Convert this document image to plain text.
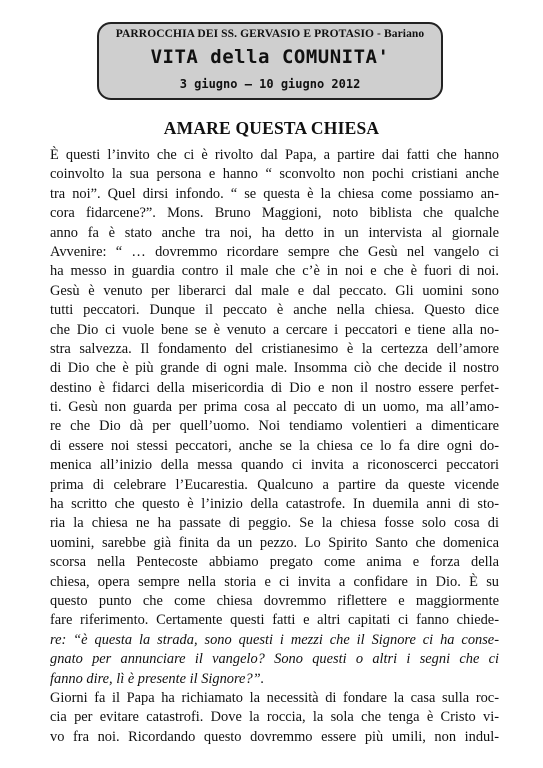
PARROCCHIA DEI SS. GERVASIO E PROTASIO - Bariano
VITA della COMUNITA'
3 giugno — 10 giugno 2012
AMARE QUESTA CHIESA
È questi l’invito che ci è rivolto dal Papa, a partire dai fatti che hanno
coinvolto la sua persona e hanno “ sconvolto non pochi cristiani anche
tra noi”. Quel dirsi infondo. “ se questa è la chiesa come possiamo an-
cora fidarcene?”. Mons. Bruno Maggioni, noto biblista che qualche
anno fa è stato anche tra noi, ha detto in un intervista al giornale
Avvenire: “ … dovremmo ricordare sempre che Gesù nel vangelo ci
ha messo in guardia contro il male che c’è in noi e che è fuori di noi.
Gesù è venuto per liberarci dal male e dal peccato. Gli uomini sono
tutti peccatori. Dunque il peccato è anche nella chiesa. Questo dice
che Dio ci vuole bene se è venuto a cercare i peccatori e tiene alla no-
stra salvezza. Il fondamento del cristianesimo è la certezza dell’amore
di Dio che è più grande di ogni male. Insomma ciò che decide il nostro
destino è fidarci della misericordia di Dio e non il nostro essere perfet-
ti. Gesù non guarda per prima cosa al peccato di un uomo, ma all’amo-
re che Dio dà per quell’uomo. Noi tendiamo volentieri a dimenticare
di essere noi stessi peccatori, anche se la chiesa ce lo fa dire ogni do-
menica all’inizio della messa quando ci invita a riconoscerci peccatori
prima di celebrare l’Eucarestia. Qualcuno a partire da queste vicende
ha scritto che questo è l’inizio della catastrofe. In duemila anni di sto-
ria la chiesa ne ha passate di peggio. Se la chiesa fosse solo cosa di
uomini, sarebbe già finita da un pezzo. Lo Spirito Santo che domenica
scorsa nella Pentecoste abbiamo pregato come anima e forza della
chiesa, opera sempre nella storia e ci invita a confidare in Dio. È su
questo punto che come chiesa dovremmo riflettere e maggiormente
fare riferimento. Certamente questi fatti e altri capitati ci fanno chiede-
re: “è questa la strada, sono questi i mezzi che il Signore ci ha conse-
gnato per annunciare il vangelo? Sono questi o altri i segni che ci
fanno dire, lì è presente il Signore?”.
Giorni fa il Papa ha richiamato la necessità di fondare la casa sulla roc-
cia per evitare catastrofi. Dove la roccia, la sola che tenga è Cristo vi-
vo fra noi. Ricordando questo dovremmo essere più umili, non indul-
